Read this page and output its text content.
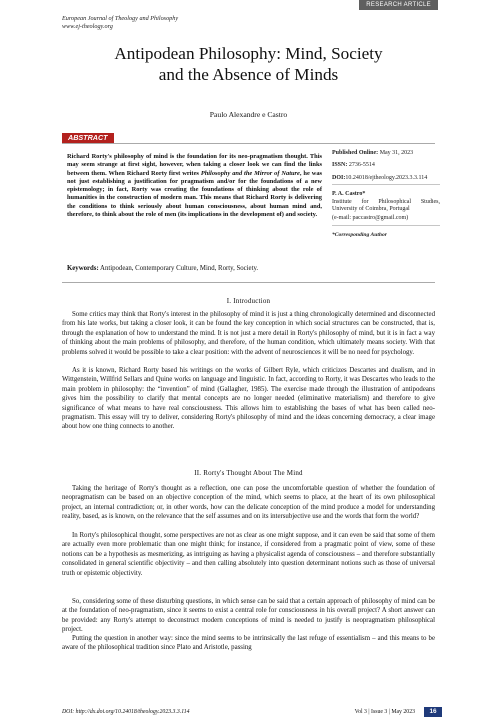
European Journal of Theology and Philosophy
www.ej-theology.org
RESEARCH ARTICLE
Antipodean Philosophy: Mind, Society
and the Absence of Minds
Paulo Alexandre e Castro
ABSTRACT
Richard Rorty's philosophy of mind is the foundation for its neo-pragmatism thought. This may seem strange at first sight, however, when taking a closer look we can find the links between them. When Richard Rorty first writes Philosophy and the Mirror of Nature, he was not just establishing a justification for pragmatism and/or for the foundations of a new epistemology; in fact, Rorty was creating the foundations of thinking about the role of humanities in the construction of modern man. This means that Richard Rorty is delivering the conditions to think seriously about human consciousness, about human mind and, therefore, to think about the role of men (its implications in the development of) and society.
Published Online: May 31, 2023
ISSN: 2736-5514
DOI:10.24018/ejtheology.2023.3.3.114
P. A. Castro*
Institute for Philosophical Studies, University of Coimbra, Portugal
(e-mail: paccastro@gmail.com)
*Corresponding Author
Keywords: Antipodean, Contemporary Culture, Mind, Rorty, Society.
I. Introduction
Some critics may think that Rorty's interest in the philosophy of mind it is just a thing chronologically determined and disconnected from his late works, but taking a closer look, it can be found the key conception in which social structures can be constructed, that is, through the explanation of how to understand the mind. It is not just a mere detail in Rorty's philosophy of mind, but it is in fact a way of thinking about the main problems of philosophy, and therefore, of the human condition, which ultimately means society. With that problems solved it would be possible to take a clear position: with the advent of neurosciences it will be no need for psychology.
As it is known, Richard Rorty based his writings on the works of Gilbert Ryle, which criticizes Descartes and dualism, and in Wittgenstein, Willfrid Sellars and Quine works on language and linguistic. In fact, according to Rorty, it was Descartes who leads to the main problem in philosophy: the “invention” of mind (Gallagher, 1985). The exercise made through the illustration of antipodeans gives him the possibility to clarify that mental concepts are no longer needed (eliminative materialism) and therefore to give significance of what means to have real consciousness. This allows him to establishing the bases of what has been called neo-pragmatism. This essay will try to deliver, considering Rorty's philosophy of mind and the ideas concerning democracy, a clear image about how one thing connects to another.
II. Rorty's Thought About The Mind
Taking the heritage of Rorty's thought as a reflection, one can pose the uncomfortable question of whether the foundation of neopragmatism can be based on an objective conception of the mind, which seems to place, at the heart of its own philosophical project, an internal contradiction; or, in other words, how can the delicate conception of the mind produce a model for understanding reality, based, as is known, on the relevance that the self assumes and on its intersubjective use and the words that form the world?
In Rorty's philosophical thought, some perspectives are not as clear as one might suppose, and it can even be said that some of them are actually even more problematic than one might think; for instance, if considered from a pragmatic point of view, some of these notions can be a hypothesis as mesmerizing, as intriguing as having a physicalist agenda of consciousness – and therefore substantially consolidated in general scientific objectivity – and then calling absolutely into question determinant notions such as those of universal truth or epistemic objectivity.
So, considering some of these disturbing questions, in which sense can be said that a certain approach of philosophy of mind can be at the foundation of neo-pragmatism, since it seems to exist a central role for consciousness in his overall project? A short answer can be provided: any Rorty's attempt to deconstruct modern conceptions of mind is needed to justify is neopragmatism philosophical project.
Putting the question in another way: since the mind seems to be intrinsically the last refuge of essentialism – and this means to be aware of the philosophical tradition since Plato and Aristotle, passing
DOI: http://dx.doi.org/10.24018/theology.2023.3.3.114	Vol 3 | Issue 3 | May 2023	16
